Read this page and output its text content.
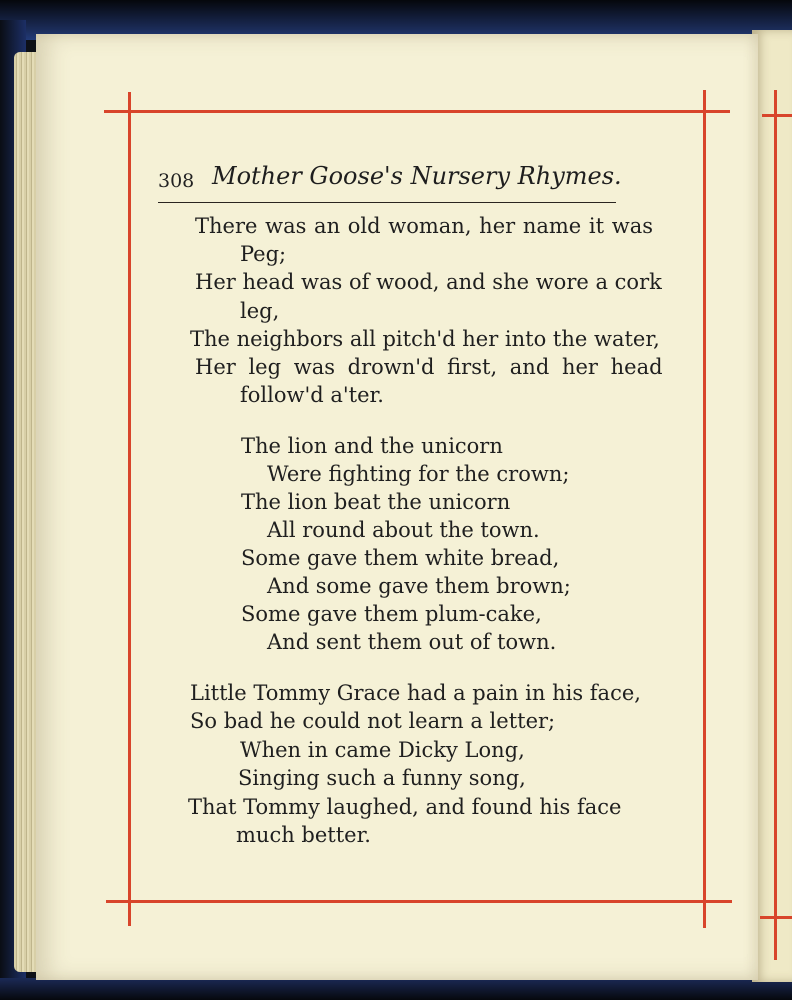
308 Mother Goose's Nursery Rhymes.
There was an old woman, her name it was
Peg;
Her head was of wood, and she wore a cork
leg,
The neighbors all pitch'd her into the water,
Her leg was drown'd first, and her head
follow'd a'ter.
The lion and the unicorn
Were fighting for the crown;
The lion beat the unicorn
All round about the town.
Some gave them white bread,
And some gave them brown;
Some gave them plum-cake,
And sent them out of town.
Little Tommy Grace had a pain in his face,
So bad he could not learn a letter;
When in came Dicky Long,
Singing such a funny song,
That Tommy laughed, and found his face
much better.
